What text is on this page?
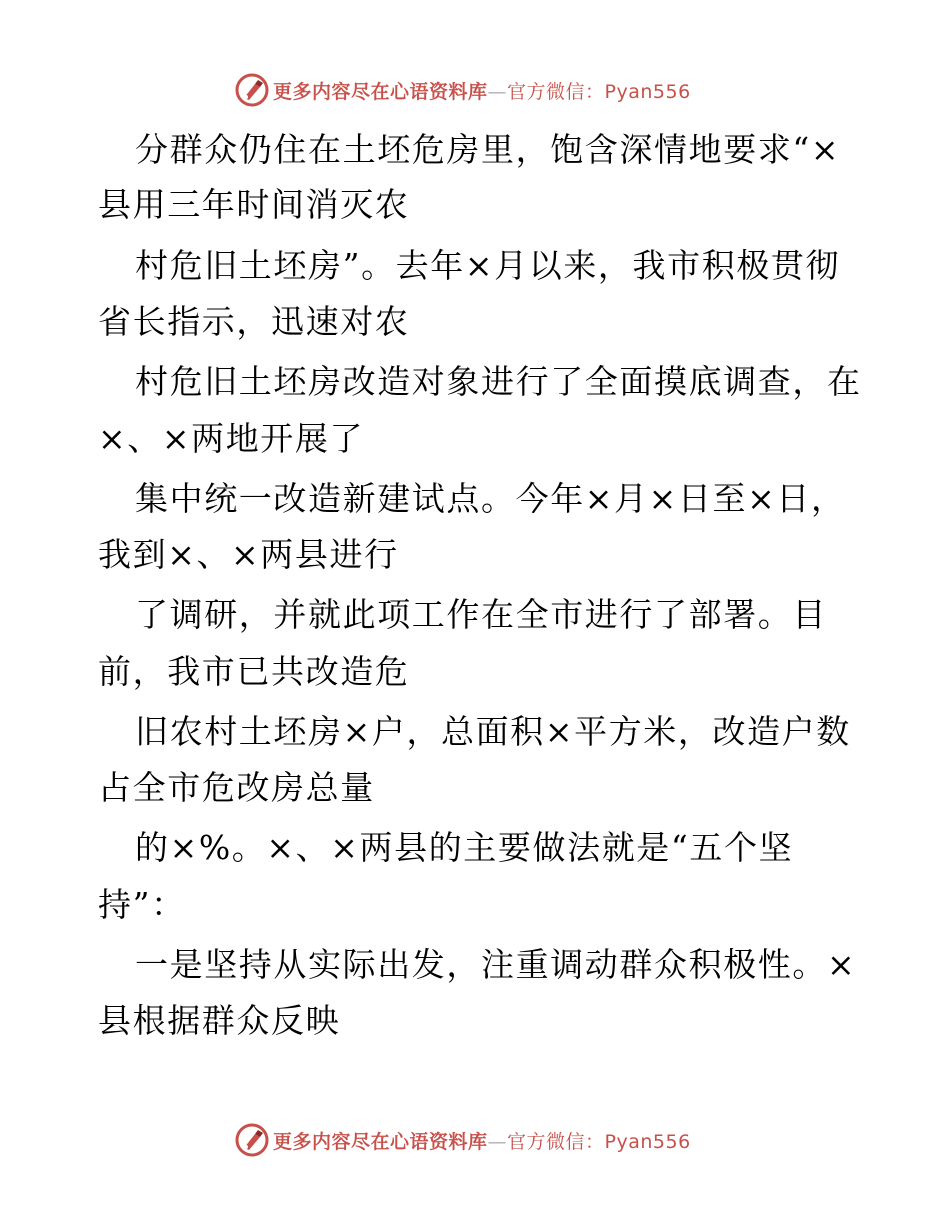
更多内容尽在心语资料库—官方微信：Pyan556
分群众仍住在土坯危房里，饱含深情地要求“×
县用三年时间消灭农
村危旧土坯房”。去年×月以来，我市积极贯彻
省长指示，迅速对农
村危旧土坯房改造对象进行了全面摸底调查，在
×、×两地开展了
集中统一改造新建试点。今年×月×日至×日，
我到×、×两县进行
了调研，并就此项工作在全市进行了部署。目
前，我市已共改造危
旧农村土坯房×户，总面积×平方米，改造户数
占全市危改房总量
的×%。×、×两县的主要做法就是“五个坚
持”：
一是坚持从实际出发，注重调动群众积极性。×
县根据群众反映
更多内容尽在心语资料库—官方微信：Pyan556
